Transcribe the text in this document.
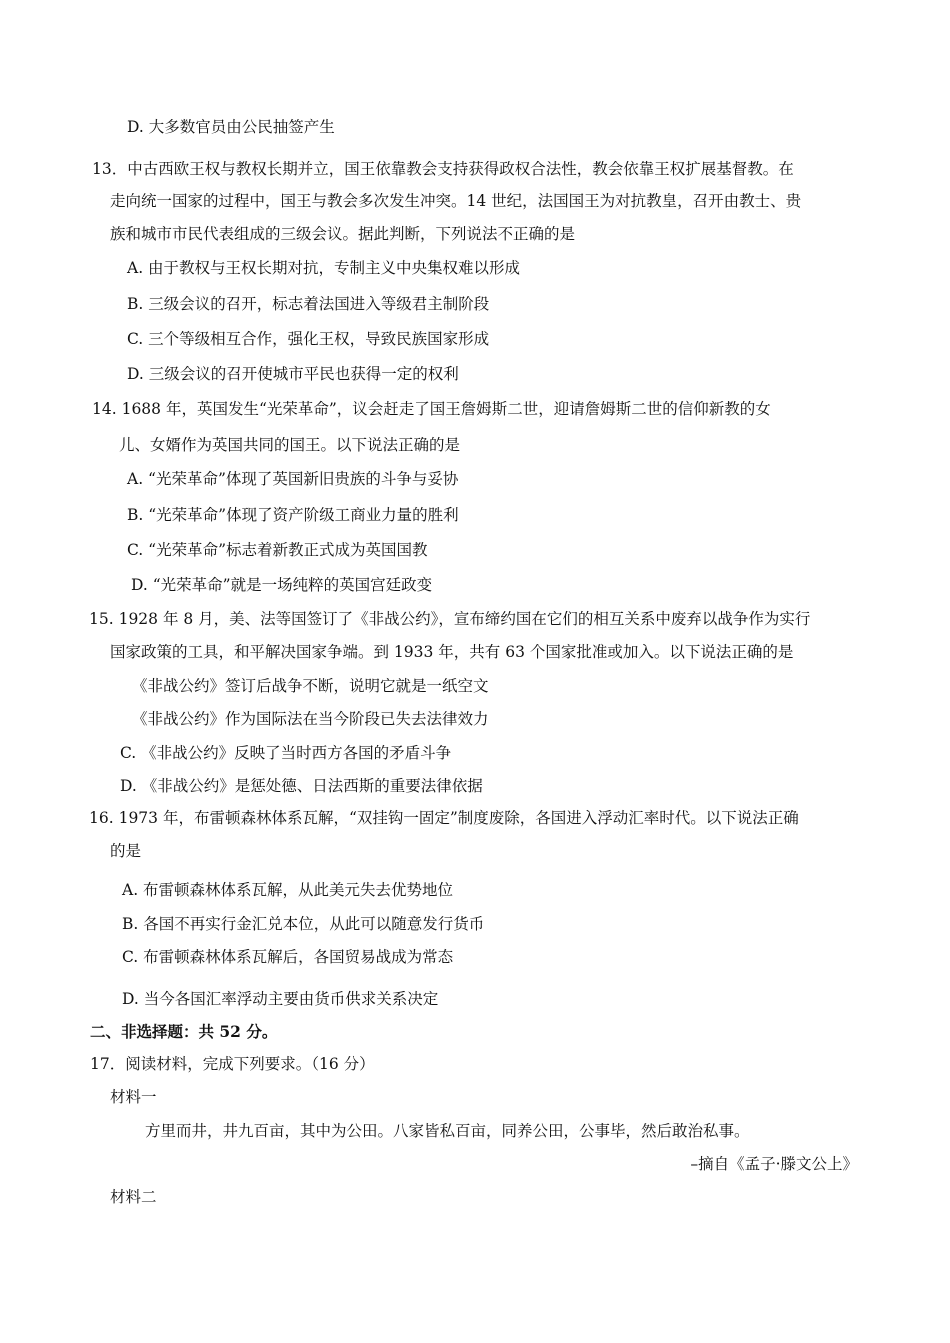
D. 大多数官员由公民抽签产生
13．中古西欧王权与教权长期并立，国王依靠教会支持获得政权合法性，教会依靠王权扩展基督教。在
走向统一国家的过程中，国王与教会多次发生冲突。14 世纪，法国国王为对抗教皇，召开由教士、贵
族和城市市民代表组成的三级会议。据此判断，下列说法不正确的是
A. 由于教权与王权长期对抗，专制主义中央集权难以形成
B. 三级会议的召开，标志着法国进入等级君主制阶段
C. 三个等级相互合作，强化王权，导致民族国家形成
D. 三级会议的召开使城市平民也获得一定的权利
14. 1688 年，英国发生“光荣革命”，议会赶走了国王詹姆斯二世，迎请詹姆斯二世的信仰新教的女
儿、女婿作为英国共同的国王。以下说法正确的是
A. “光荣革命”体现了英国新旧贵族的斗争与妥协
B. “光荣革命”体现了资产阶级工商业力量的胜利
C. “光荣革命”标志着新教正式成为英国国教
D. “光荣革命”就是一场纯粹的英国宫廷政变
15. 1928 年 8 月，美、法等国签订了《非战公约》，宣布缔约国在它们的相互关系中废弃以战争作为实行
国家政策的工具，和平解决国家争端。到 1933 年，共有 63 个国家批准或加入。以下说法正确的是
《非战公约》签订后战争不断，说明它就是一纸空文
《非战公约》作为国际法在当今阶段已失去法律效力
C. 《非战公约》反映了当时西方各国的矛盾斗争
D. 《非战公约》是惩处德、日法西斯的重要法律依据
16. 1973 年，布雷顿森林体系瓦解，“双挂钩一固定”制度废除，各国进入浮动汇率时代。以下说法正确
的是
A. 布雷顿森林体系瓦解，从此美元失去优势地位
B. 各国不再实行金汇兑本位，从此可以随意发行货币
C. 布雷顿森林体系瓦解后，各国贸易战成为常态
D. 当今各国汇率浮动主要由货币供求关系决定
二、非选择题：共 52 分。
17．阅读材料，完成下列要求。（16 分）
材料一
方里而井，井九百亩，其中为公田。八家皆私百亩，同养公田，公事毕，然后敢治私事。
–摘自《孟子·滕文公上》
材料二
